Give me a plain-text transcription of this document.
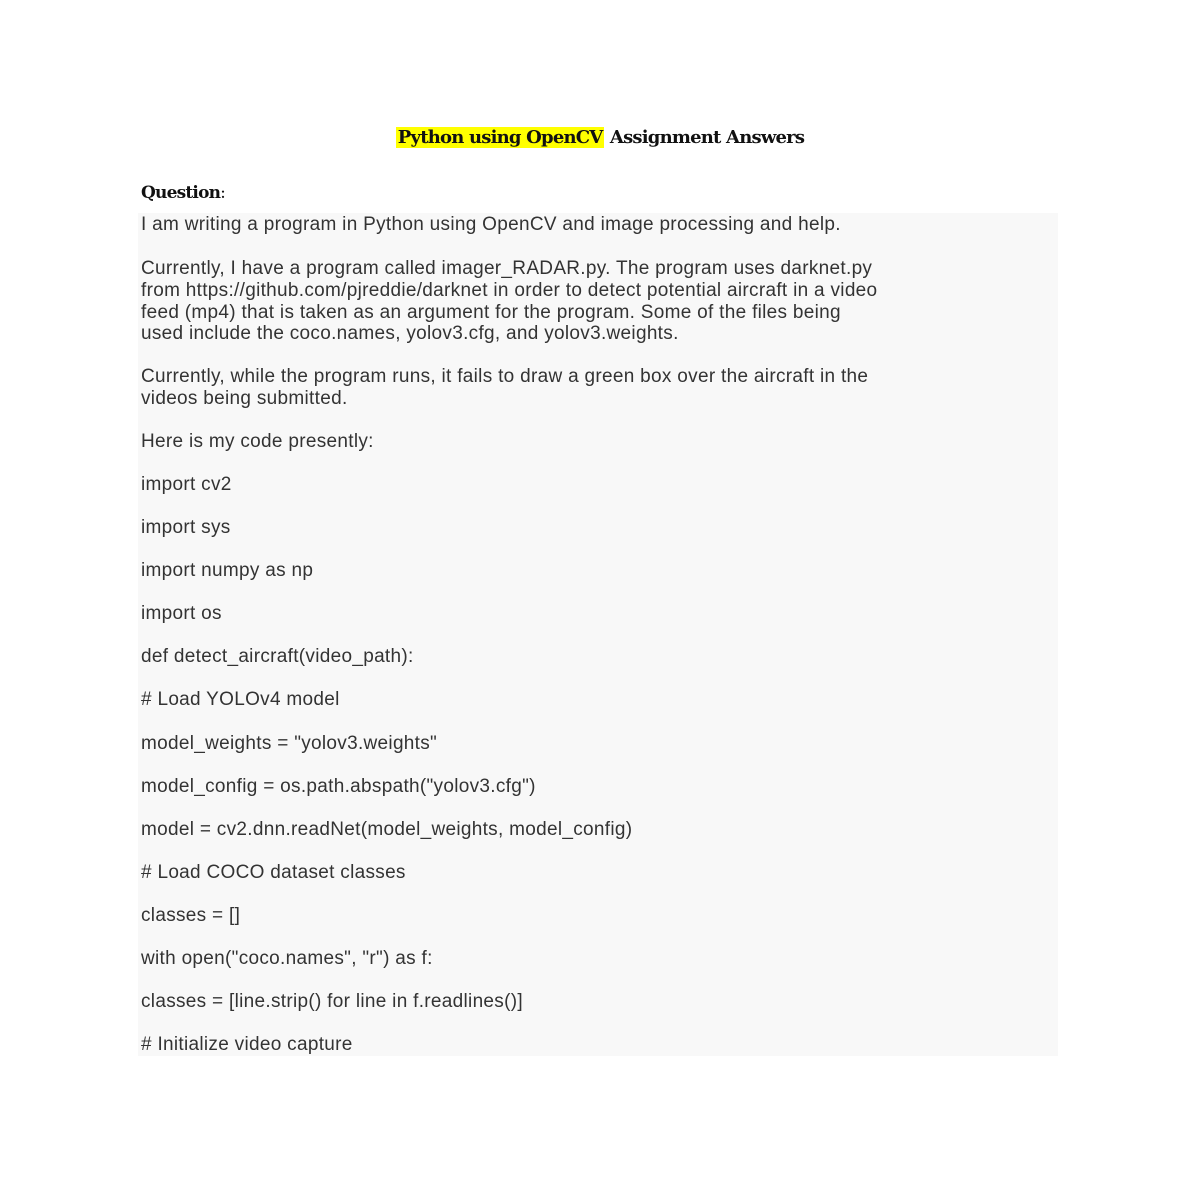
Python using OpenCV Assignment Answers
Question:
I am writing a program in Python using OpenCV and image processing and help.
Currently, I have a program called imager_RADAR.py. The program uses darknet.py
from https://github.com/pjreddie/darknet in order to detect potential aircraft in a video
feed (mp4) that is taken as an argument for the program. Some of the files being
used include the coco.names, yolov3.cfg, and yolov3.weights.
Currently, while the program runs, it fails to draw a green box over the aircraft in the
videos being submitted.
Here is my code presently:
import cv2
import sys
import numpy as np
import os
def detect_aircraft(video_path):
# Load YOLOv4 model
model_weights = "yolov3.weights"
model_config = os.path.abspath("yolov3.cfg")
model = cv2.dnn.readNet(model_weights, model_config)
# Load COCO dataset classes
classes = []
with open("coco.names", "r") as f:
classes = [line.strip() for line in f.readlines()]
# Initialize video capture
